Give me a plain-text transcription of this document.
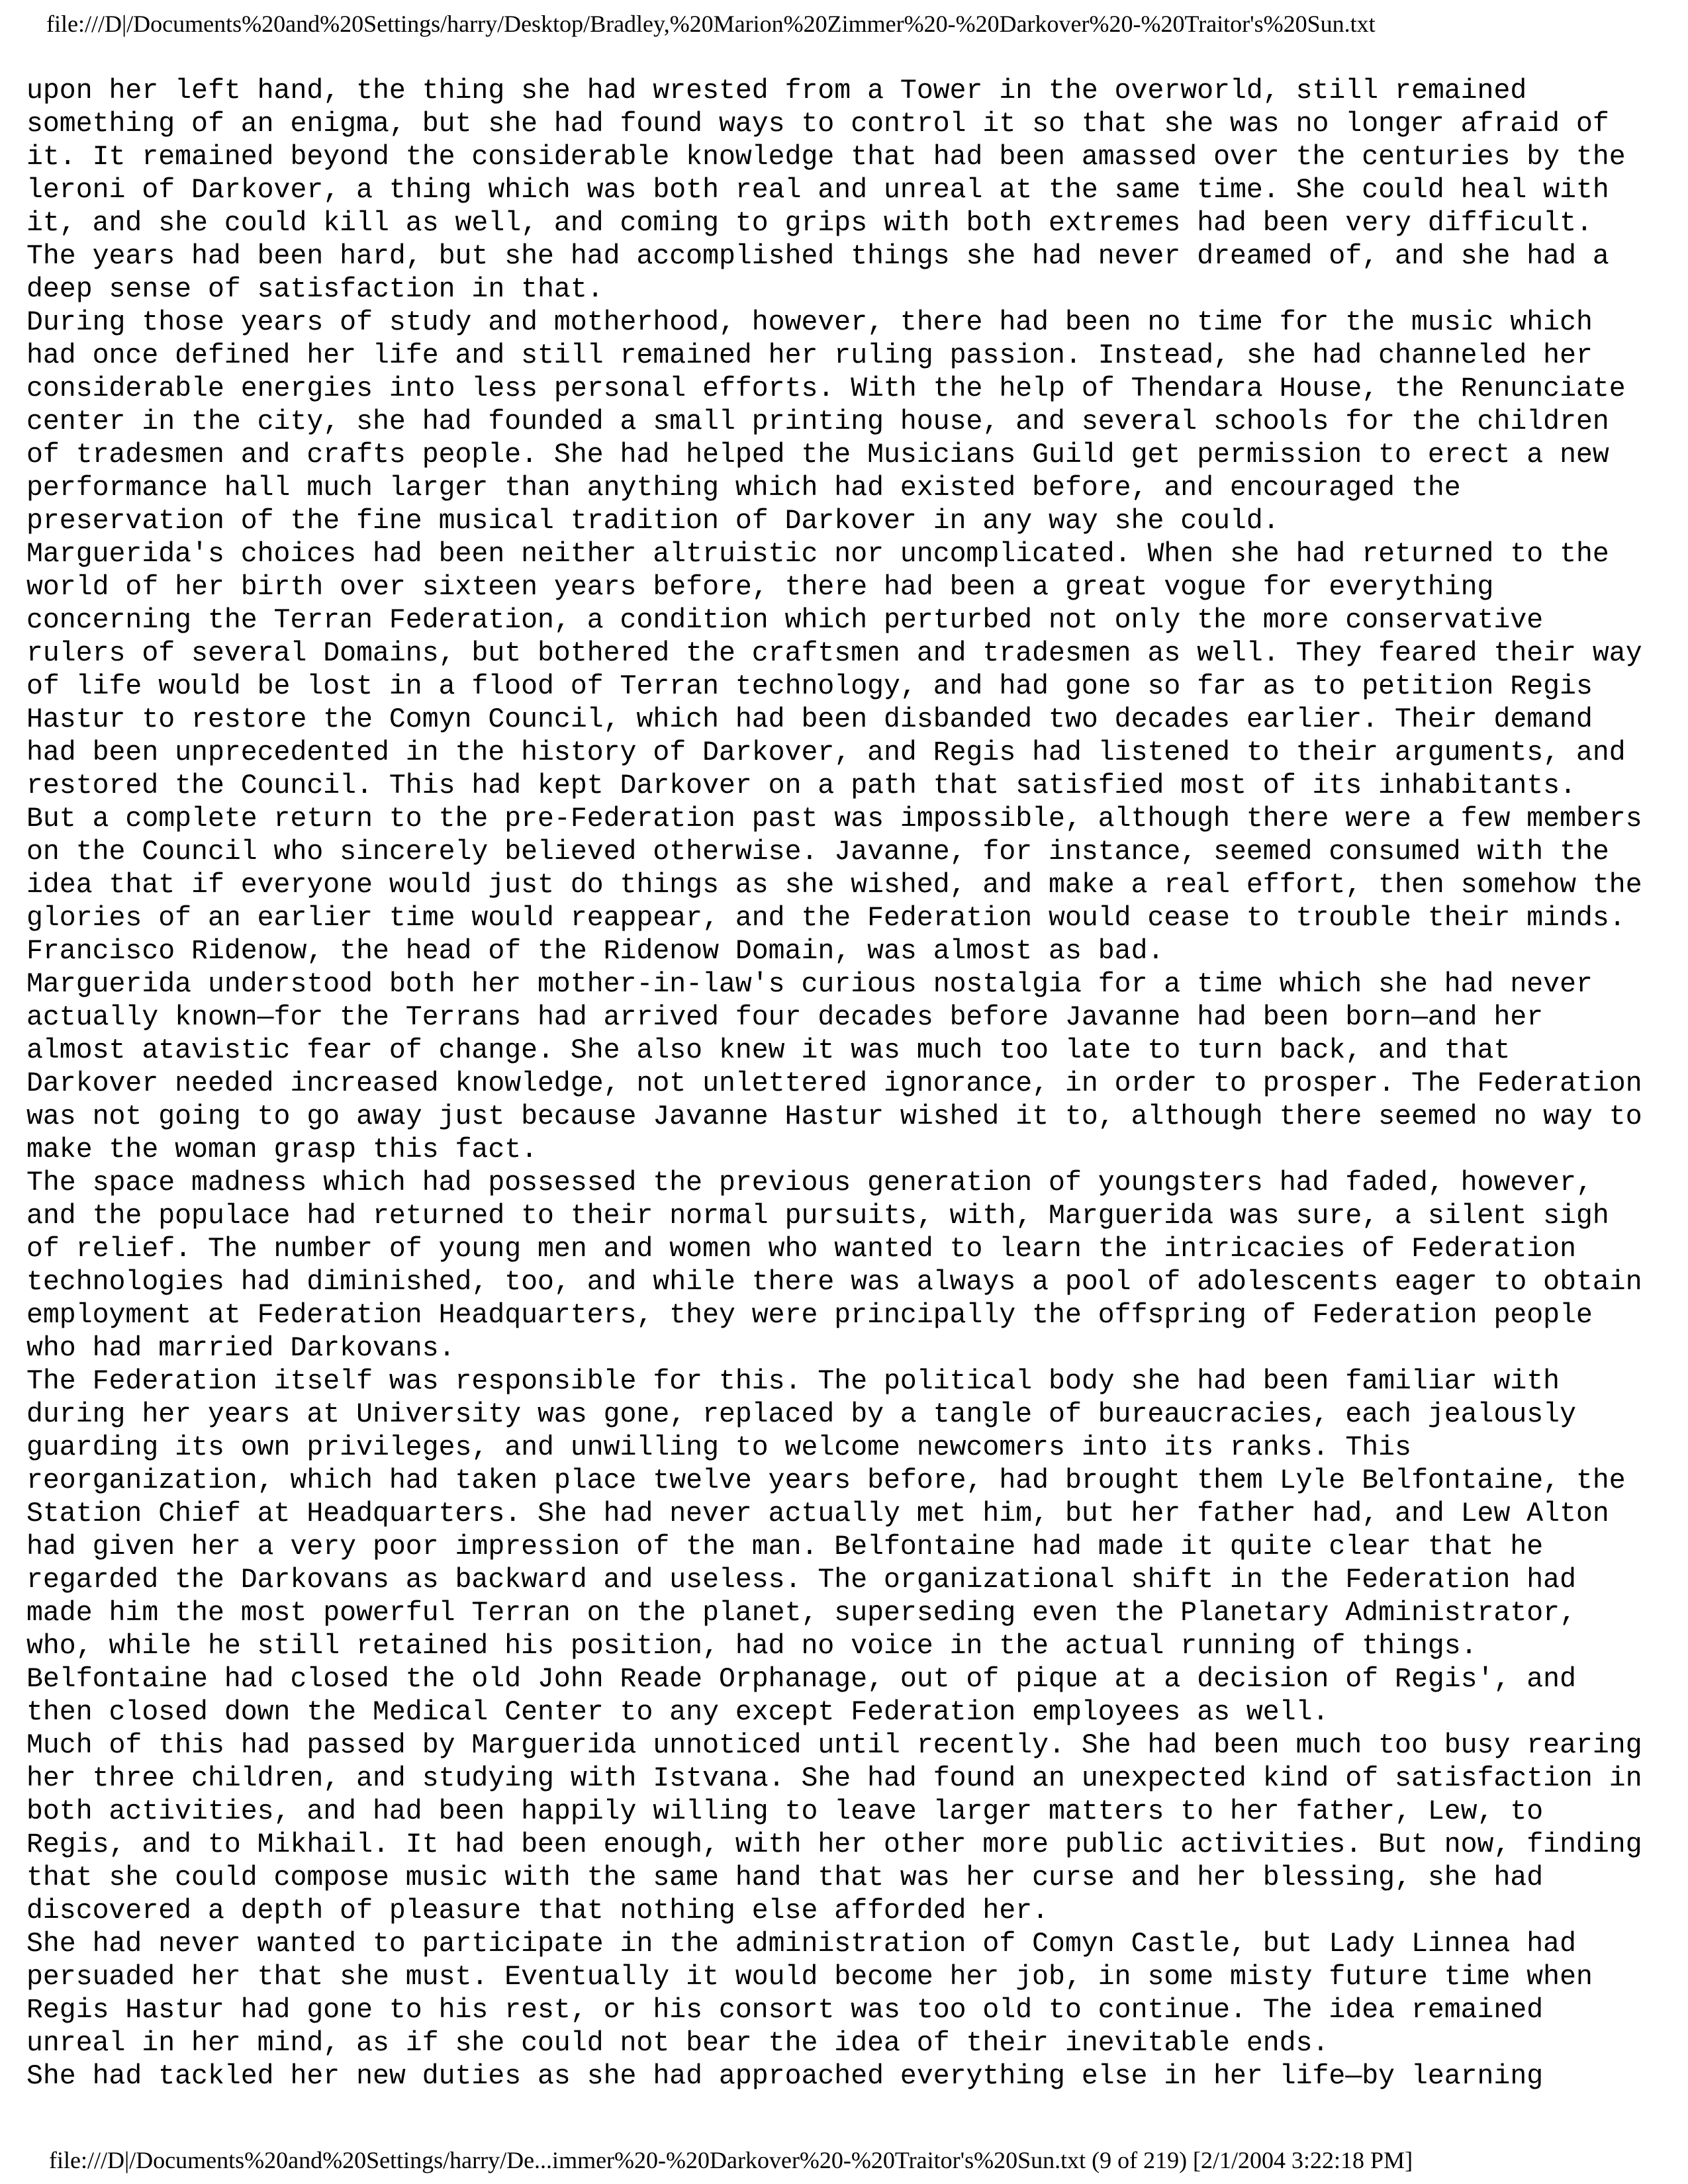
file:///D|/Documents%20and%20Settings/harry/Desktop/Bradley,%20Marion%20Zimmer%20-%20Darkover%20-%20Traitor's%20Sun.txt
upon her left hand, the thing she had wrested from a Tower in the overworld, still remained
something of an enigma, but she had found ways to control it so that she was no longer afraid of
it. It remained beyond the considerable knowledge that had been amassed over the centuries by the
leroni of Darkover, a thing which was both real and unreal at the same time. She could heal with
it, and she could kill as well, and coming to grips with both extremes had been very difficult.
The years had been hard, but she had accomplished things she had never dreamed of, and she had a
deep sense of satisfaction in that.
During those years of study and motherhood, however, there had been no time for the music which
had once defined her life and still remained her ruling passion. Instead, she had channeled her
considerable energies into less personal efforts. With the help of Thendara House, the Renunciate
center in the city, she had founded a small printing house, and several schools for the children
of tradesmen and crafts people. She had helped the Musicians Guild get permission to erect a new
performance hall much larger than anything which had existed before, and encouraged the
preservation of the fine musical tradition of Darkover in any way she could.
Marguerida's choices had been neither altruistic nor uncomplicated. When she had returned to the
world of her birth over sixteen years before, there had been a great vogue for everything
concerning the Terran Federation, a condition which perturbed not only the more conservative
rulers of several Domains, but bothered the craftsmen and tradesmen as well. They feared their way
of life would be lost in a flood of Terran technology, and had gone so far as to petition Regis
Hastur to restore the Comyn Council, which had been disbanded two decades earlier. Their demand
had been unprecedented in the history of Darkover, and Regis had listened to their arguments, and
restored the Council. This had kept Darkover on a path that satisfied most of its inhabitants.
But a complete return to the pre-Federation past was impossible, although there were a few members
on the Council who sincerely believed otherwise. Javanne, for instance, seemed consumed with the
idea that if everyone would just do things as she wished, and make a real effort, then somehow the
glories of an earlier time would reappear, and the Federation would cease to trouble their minds.
Francisco Ridenow, the head of the Ridenow Domain, was almost as bad.
Marguerida understood both her mother-in-law's curious nostalgia for a time which she had never
actually known—for the Terrans had arrived four decades before Javanne had been born—and her
almost atavistic fear of change. She also knew it was much too late to turn back, and that
Darkover needed increased knowledge, not unlettered ignorance, in order to prosper. The Federation
was not going to go away just because Javanne Hastur wished it to, although there seemed no way to
make the woman grasp this fact.
The space madness which had possessed the previous generation of youngsters had faded, however,
and the populace had returned to their normal pursuits, with, Marguerida was sure, a silent sigh
of relief. The number of young men and women who wanted to learn the intricacies of Federation
technologies had diminished, too, and while there was always a pool of adolescents eager to obtain
employment at Federation Headquarters, they were principally the offspring of Federation people
who had married Darkovans.
The Federation itself was responsible for this. The political body she had been familiar with
during her years at University was gone, replaced by a tangle of bureaucracies, each jealously
guarding its own privileges, and unwilling to welcome newcomers into its ranks. This
reorganization, which had taken place twelve years before, had brought them Lyle Belfontaine, the
Station Chief at Headquarters. She had never actually met him, but her father had, and Lew Alton
had given her a very poor impression of the man. Belfontaine had made it quite clear that he
regarded the Darkovans as backward and useless. The organizational shift in the Federation had
made him the most powerful Terran on the planet, superseding even the Planetary Administrator,
who, while he still retained his position, had no voice in the actual running of things.
Belfontaine had closed the old John Reade Orphanage, out of pique at a decision of Regis', and
then closed down the Medical Center to any except Federation employees as well.
Much of this had passed by Marguerida unnoticed until recently. She had been much too busy rearing
her three children, and studying with Istvana. She had found an unexpected kind of satisfaction in
both activities, and had been happily willing to leave larger matters to her father, Lew, to
Regis, and to Mikhail. It had been enough, with her other more public activities. But now, finding
that she could compose music with the same hand that was her curse and her blessing, she had
discovered a depth of pleasure that nothing else afforded her.
She had never wanted to participate in the administration of Comyn Castle, but Lady Linnea had
persuaded her that she must. Eventually it would become her job, in some misty future time when
Regis Hastur had gone to his rest, or his consort was too old to continue. The idea remained
unreal in her mind, as if she could not bear the idea of their inevitable ends.
She had tackled her new duties as she had approached everything else in her life—by learning
file:///D|/Documents%20and%20Settings/harry/De...immer%20-%20Darkover%20-%20Traitor's%20Sun.txt (9 of 219) [2/1/2004 3:22:18 PM]
